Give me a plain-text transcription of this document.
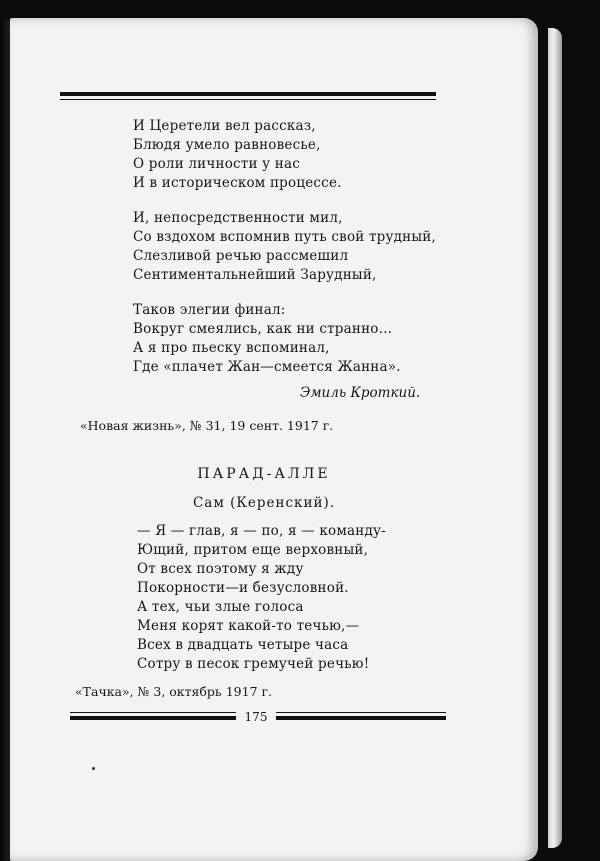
И Церетели вел рассказ,
Блюдя умело равновесье,
О роли личности у нас
И в историческом процессе.
И, непосредственности мил,
Со вздохом вспомнив путь свой трудный,
Слезливой речью рассмешил
Сентиментальнейший Зарудный,
Таков элегии финал:
Вокруг смеялись, как ни странно…
А я про пьеску вспоминал,
Где «плачет Жан—смеется Жанна».
Эмиль Кроткий.
«Новая жизнь», № 31, 19 сент. 1917 г.
ПАРАД-АЛЛЕ
Сам (Керенский).
— Я — глав, я — по, я — команду-
Ющий, притом еще верховный,
От всех поэтому я жду
Покорности—и безусловной.
А тех, чьи злые голоса
Меня корят какой-то течью,—
Всех в двадцать четыре часа
Сотру в песок гремучей речью!
«Тачка», № 3, октябрь 1917 г.
175
